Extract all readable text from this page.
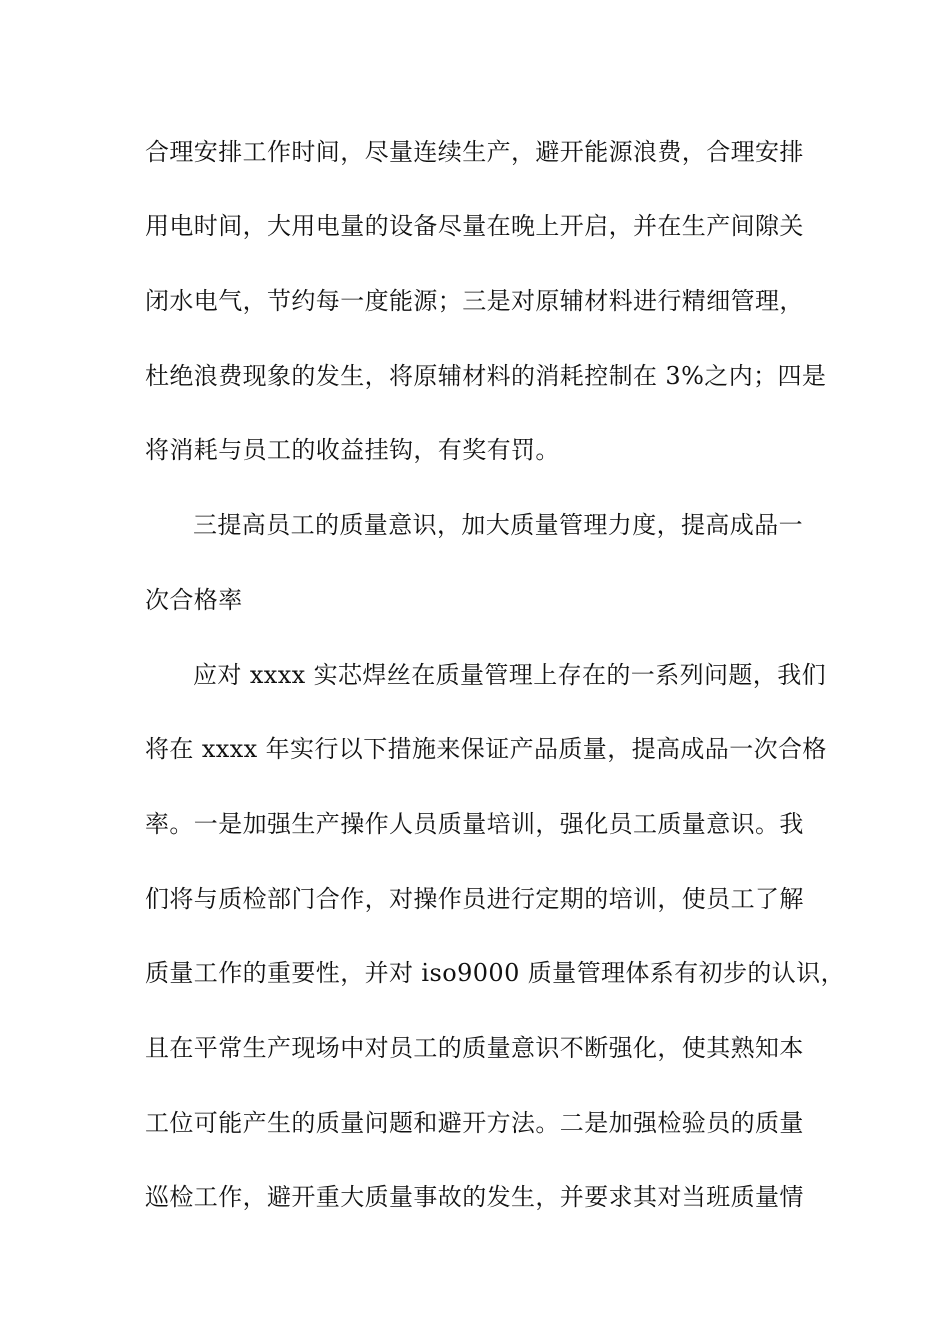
合理安排工作时间，尽量连续生产，避开能源浪费，合理安排
用电时间，大用电量的设备尽量在晚上开启，并在生产间隙关
闭水电气，节约每一度能源；三是对原辅材料进行精细管理，
杜绝浪费现象的发生，将原辅材料的消耗控制在 3%之内；四是
将消耗与员工的收益挂钩，有奖有罚。
三提高员工的质量意识，加大质量管理力度，提高成品一
次合格率
应对 xxxx 实芯焊丝在质量管理上存在的一系列问题，我们
将在 xxxx 年实行以下措施来保证产品质量，提高成品一次合格
率。一是加强生产操作人员质量培训，强化员工质量意识。我
们将与质检部门合作，对操作员进行定期的培训，使员工了解
质量工作的重要性，并对 iso9000 质量管理体系有初步的认识，
且在平常生产现场中对员工的质量意识不断强化，使其熟知本
工位可能产生的质量问题和避开方法。二是加强检验员的质量
巡检工作，避开重大质量事故的发生，并要求其对当班质量情
